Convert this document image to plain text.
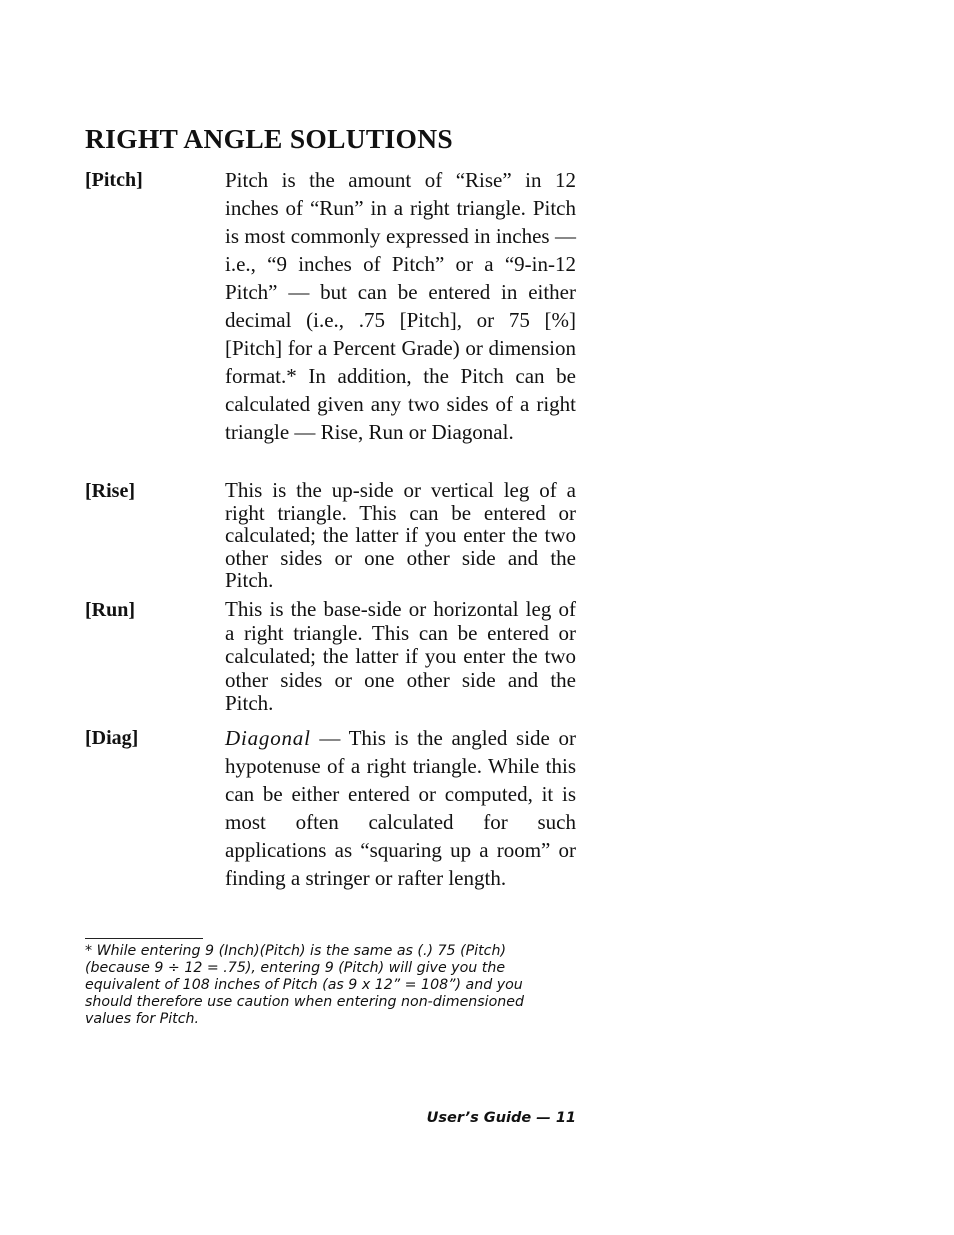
RIGHT ANGLE SOLUTIONS
[Pitch]	Pitch is the amount of “Rise” in 12 inches of “Run” in a right triangle. Pitch is most commonly expressed in inches — i.e., “9 inches of Pitch” or a “9-in-12 Pitch” — but can be entered in either decimal (i.e., .75 [Pitch], or 75 [%] [Pitch] for a Percent Grade) or dimension format.* In addition, the Pitch can be calculated given any two sides of a right triangle — Rise, Run or Diagonal.

[Rise]	This is the up-side or vertical leg of a right triangle. This can be entered or calculated; the latter if you enter the two other sides or one other side and the Pitch.

[Run]	This is the base-side or horizontal leg of a right triangle. This can be entered or calculated; the latter if you enter the two other sides or one other side and the Pitch.

[Diag]	Diagonal — This is the angled side or hypotenuse of a right triangle. While this can be either entered or computed, it is most often calculated for such applications as “squaring up a room” or finding a stringer or rafter length.

* While entering 9 (Inch)(Pitch) is the same as (.) 75 (Pitch) (because 9 ÷ 12 = .75), entering 9 (Pitch) will give you the equivalent of 108 inches of Pitch (as 9 x 12” = 108”) and you should therefore use caution when entering non-dimensioned values for Pitch.

User’s Guide — 11
